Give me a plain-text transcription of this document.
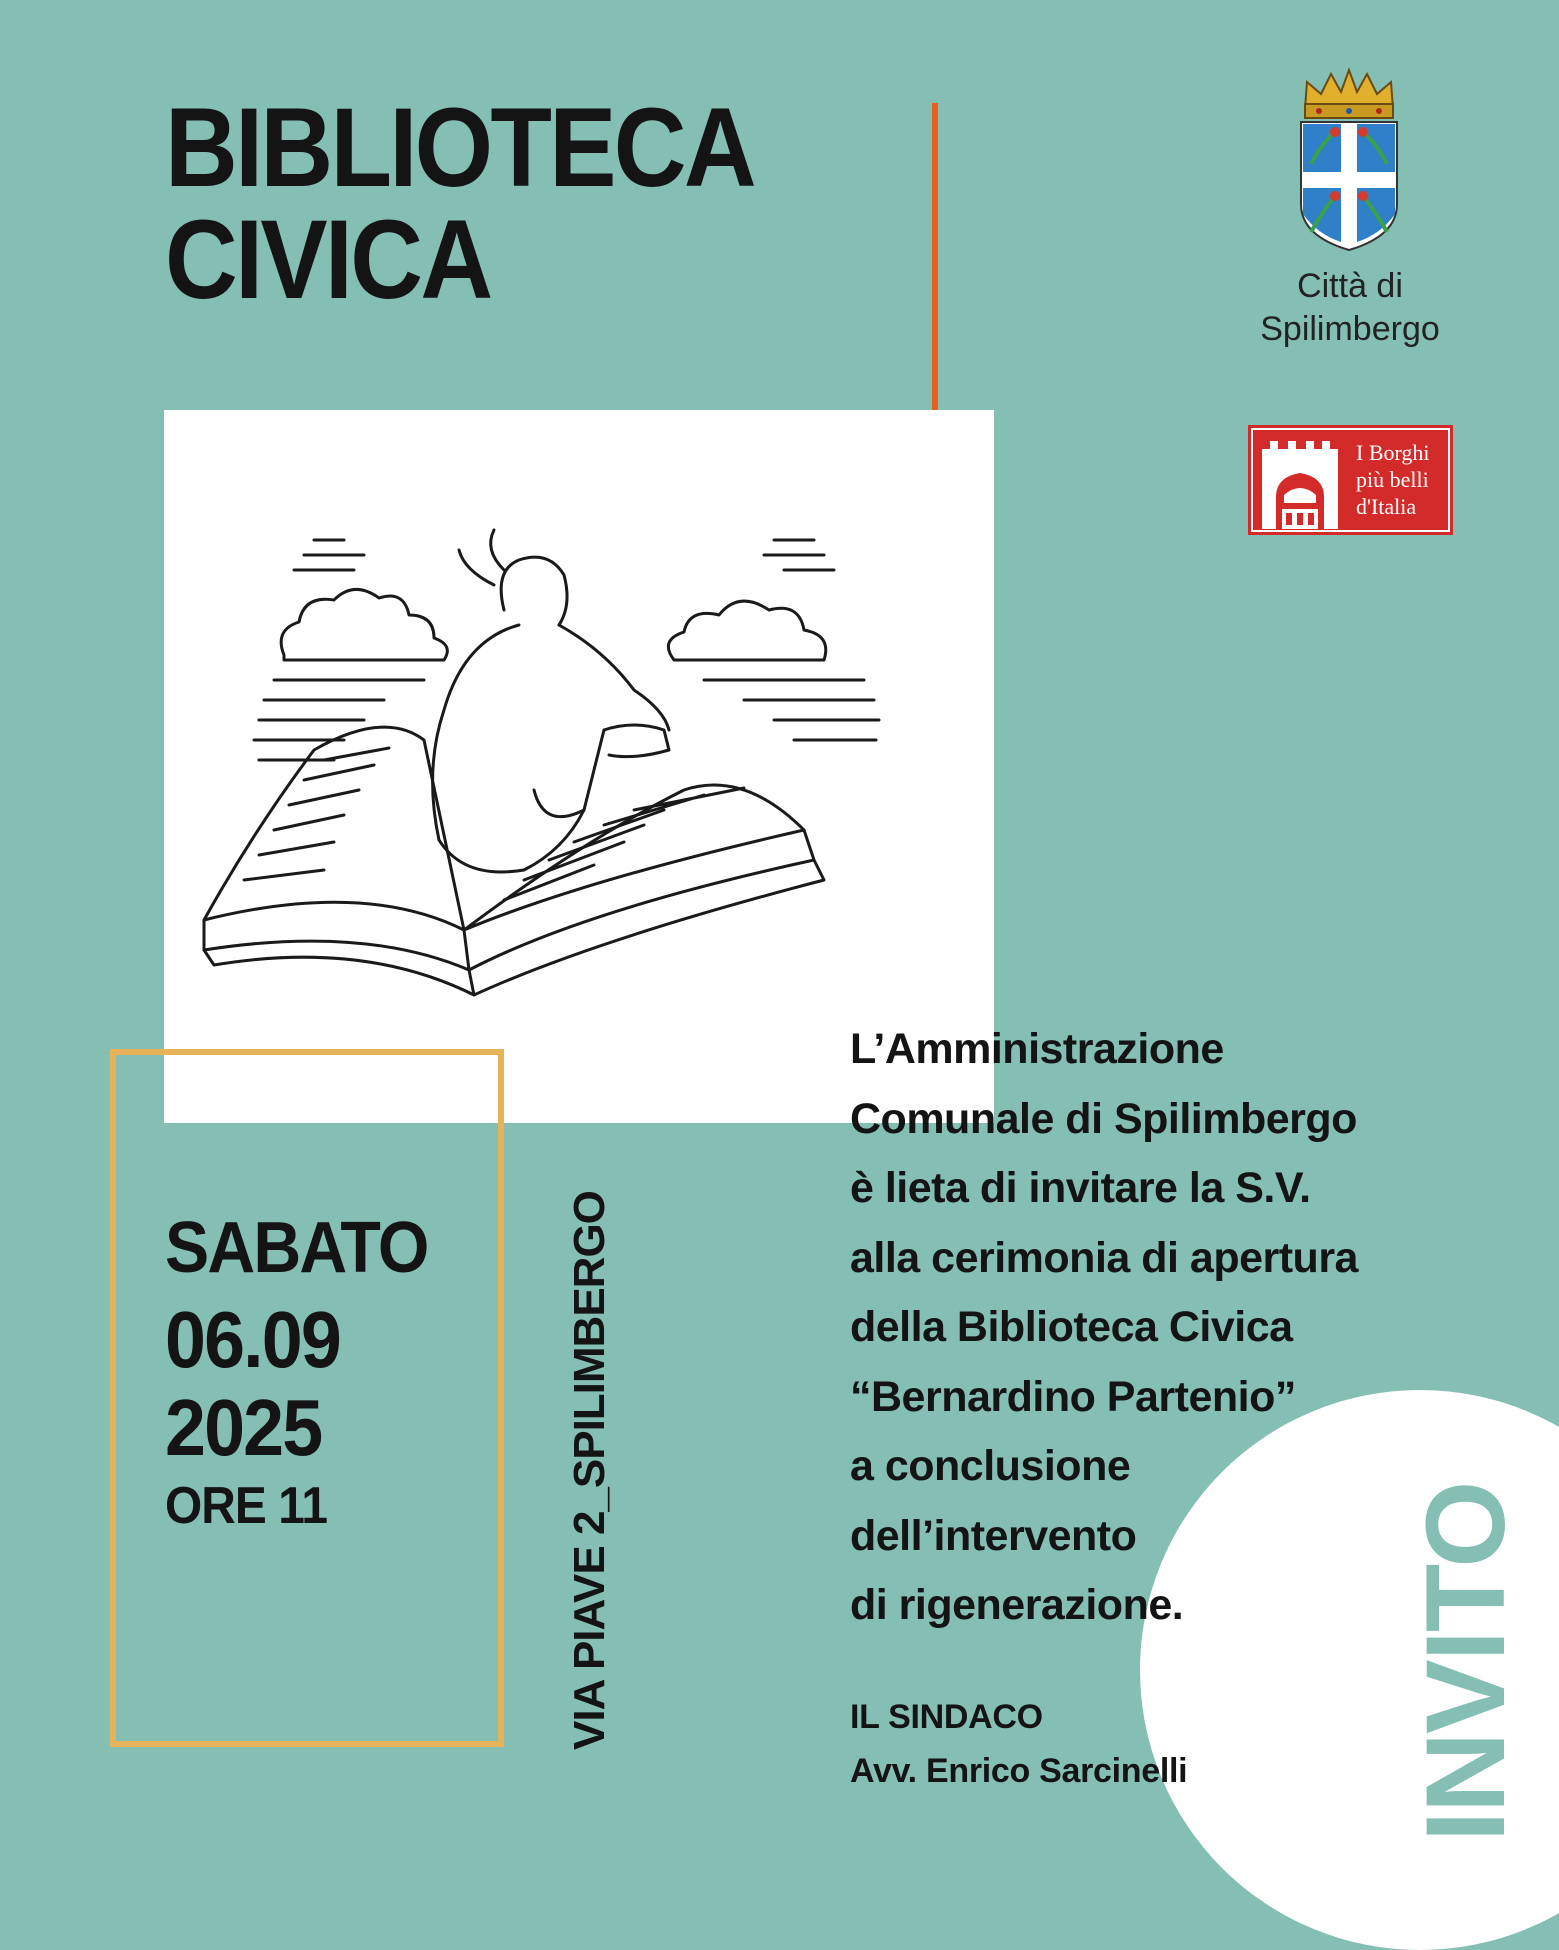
BIBLIOTECA
CIVICA
SABATO
06.09
2025
ORE 11	VIA PIAVE 2_SPILIMBERGO	INVITO
L’Amministrazione
Comunale di Spilimbergo
è lieta di invitare la S.V.
alla cerimonia di apertura
della Biblioteca Civica
“Bernardino Partenio”
a conclusione
dell’intervento
di rigenerazione.
IL SINDACO
Avv. Enrico Sarcinelli
Città di
Spilimbergo
I Borghi
più belli
d'Italia
